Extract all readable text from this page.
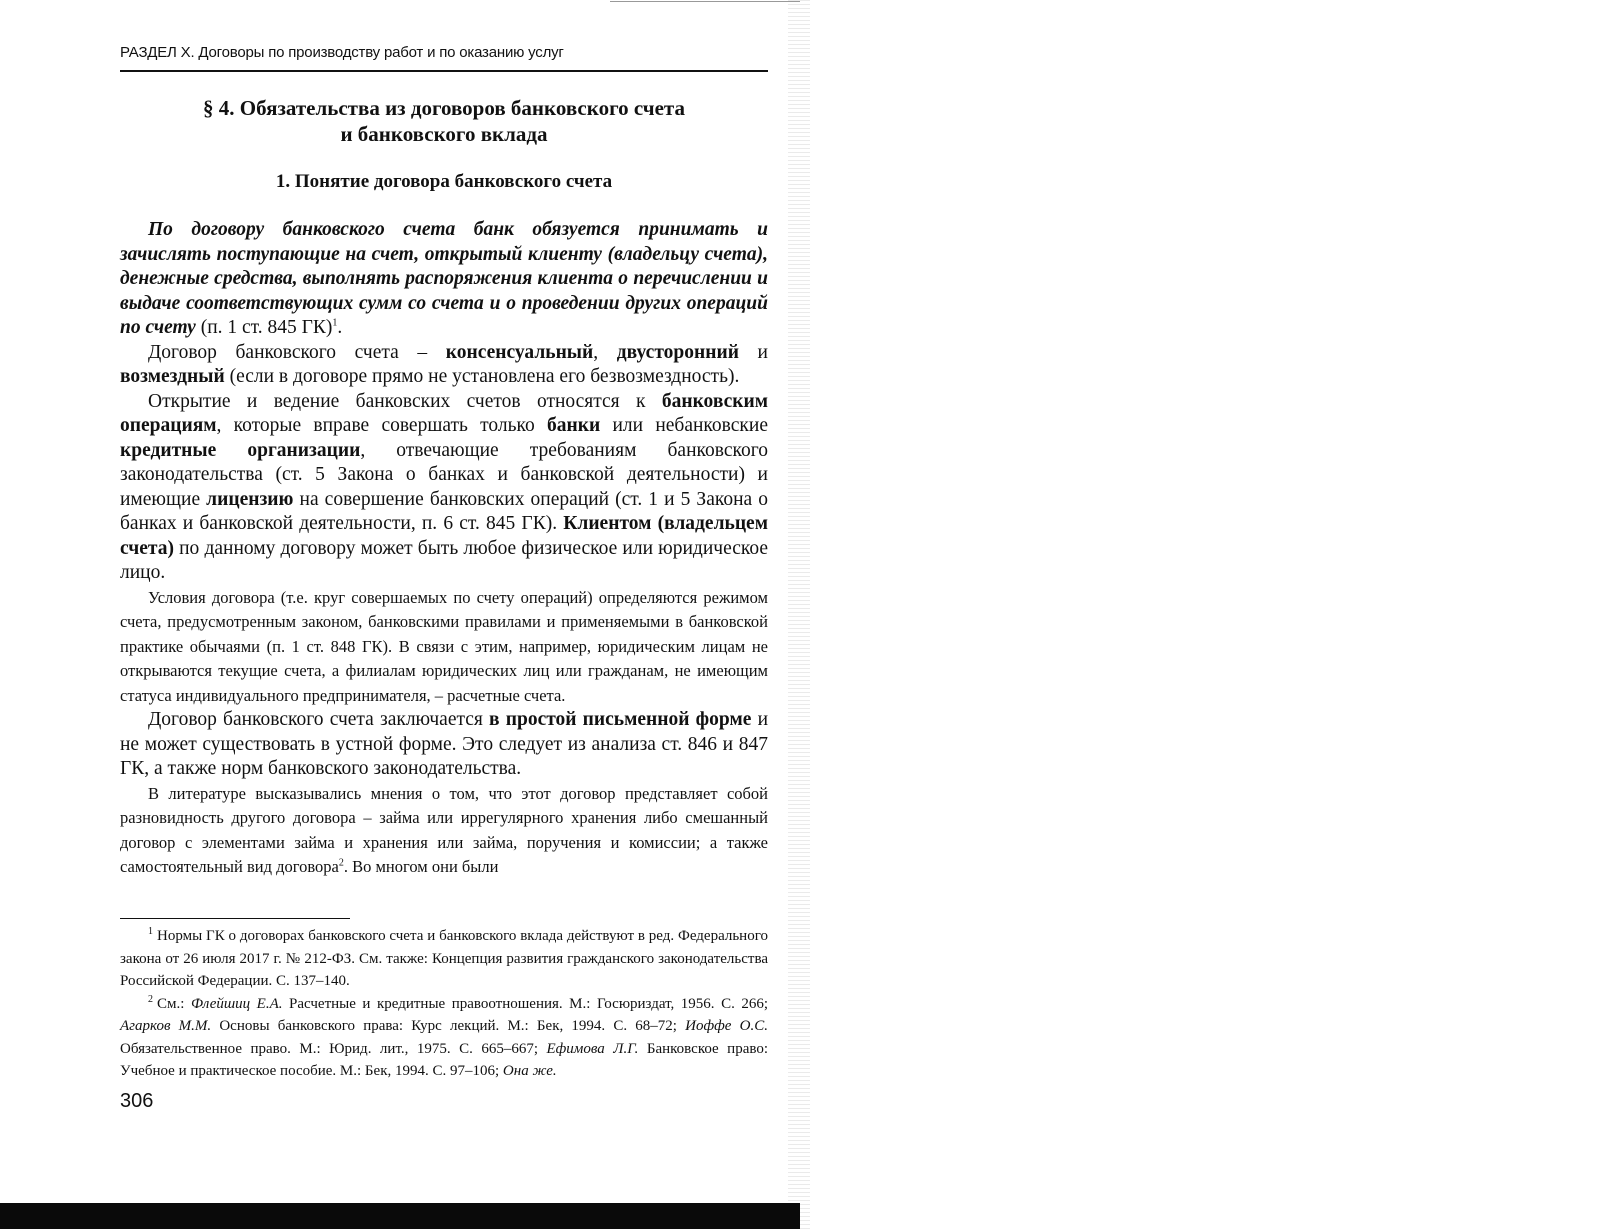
РАЗДЕЛ X. Договоры по производству работ и по оказанию услуг
§ 4. Обязательства из договоров банковского счета
и банковского вклада
1. Понятие договора банковского счета

По договору банковского счета банк обязуется принимать и зачислять поступающие на счет, открытый клиенту (владельцу счета), денежные средства, выполнять распоряжения клиента о перечислении и выдаче соответствующих сумм со счета и о проведении других операций по счету (п. 1 ст. 845 ГК)$^1$.

Договор банковского счета – консенсуальный, двусторонний и возмездный (если в договоре прямо не установлена его безвозмездность).

Открытие и ведение банковских счетов относятся к банковским операциям, которые вправе совершать только банки или небанковские кредитные организации, отвечающие требованиям банковского законодательства (ст. 5 Закона о банках и банковской деятельности) и имеющие лицензию на совершение банковских операций (ст. 1 и 5 Закона о банках и банковской деятельности, п. 6 ст. 845 ГК). Клиентом (владельцем счета) по данному договору может быть любое физическое или юридическое лицо.

Условия договора (т.е. круг совершаемых по счету операций) определяются режимом счета, предусмотренным законом, банковскими правилами и применяемыми в банковской практике обычаями (п. 1 ст. 848 ГК). В связи с этим, например, юридическим лицам не открываются текущие счета, а филиалам юридических лиц или гражданам, не имеющим статуса индивидуального предпринимателя, – расчетные счета.

Договор банковского счета заключается в простой письменной форме и не может существовать в устной форме. Это следует из анализа ст. 846 и 847 ГК, а также норм банковского законодательства.

В литературе высказывались мнения о том, что этот договор представляет собой разновидность другого договора – займа или иррегулярного хранения либо смешанный договор с элементами займа и хранения или займа, поручения и комиссии; а также самостоятельный вид договора$^2$. Во многом они были

$^1$ Нормы ГК о договорах банковского счета и банковского вклада действуют в ред. Федерального закона от 26 июля 2017 г. № 212-ФЗ. См. также: Концепция развития гражданского законодательства Российской Федерации. С. 137–140.

$^2$ См.: Флейшиц Е.А. Расчетные и кредитные правоотношения. М.: Госюриздат, 1956. С. 266; Агарков М.М. Основы банковского права: Курс лекций. М.: Бек, 1994. С. 68–72; Иоффе О.С. Обязательственное право. М.: Юрид. лит., 1975. С. 665–667; Ефимова Л.Г. Банковское право: Учебное и практическое пособие. М.: Бек, 1994. С. 97–106; Она же.

306
